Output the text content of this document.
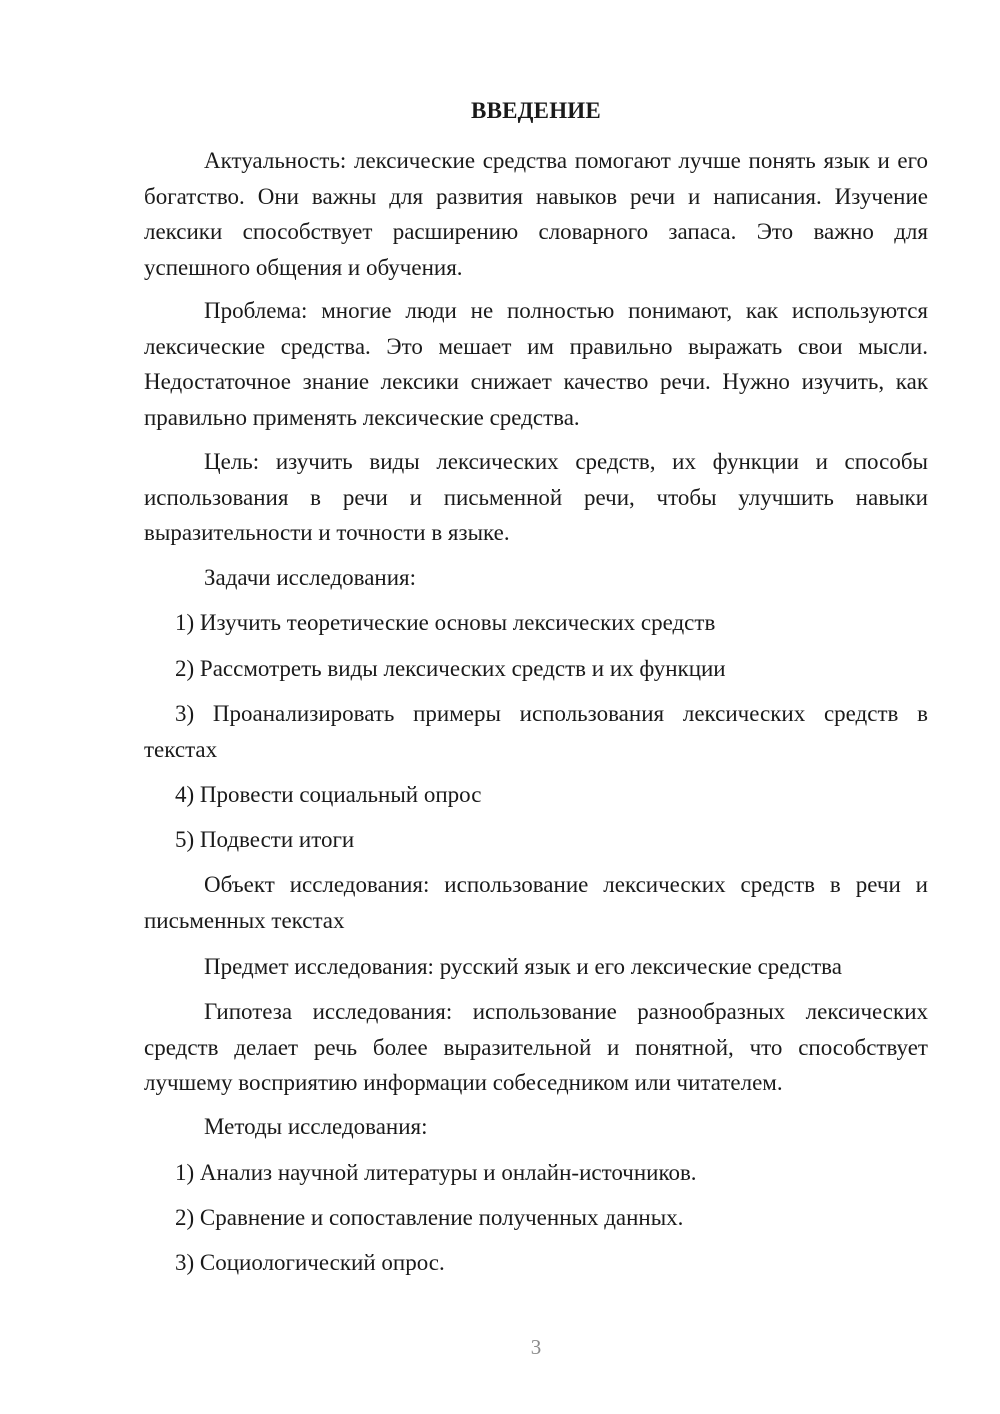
ВВЕДЕНИЕ
Актуальность: лексические средства помогают лучше понять язык и его богатство. Они важны для развития навыков речи и написания. Изучение лексики способствует расширению словарного запаса. Это важно для успешного общения и обучения.
Проблема: многие люди не полностью понимают, как используются лексические средства. Это мешает им правильно выражать свои мысли. Недостаточное знание лексики снижает качество речи. Нужно изучить, как правильно применять лексические средства.
Цель: изучить виды лексических средств, их функции и способы использования в речи и письменной речи, чтобы улучшить навыки выразительности и точности в языке.
Задачи исследования:
1) Изучить теоретические основы лексических средств
2) Рассмотреть виды лексических средств и их функции
3) Проанализировать примеры использования лексических средств в текстах
4) Провести социальный опрос
5) Подвести итоги
Объект исследования: использование лексических средств в речи и письменных текстах
Предмет исследования: русский язык и его лексические средства
Гипотеза исследования: использование разнообразных лексических средств делает речь более выразительной и понятной, что способствует лучшему восприятию информации собеседником или читателем.
Методы исследования:
1) Анализ научной литературы и онлайн-источников.
2) Сравнение и сопоставление полученных данных.
3) Социологический опрос.
3
